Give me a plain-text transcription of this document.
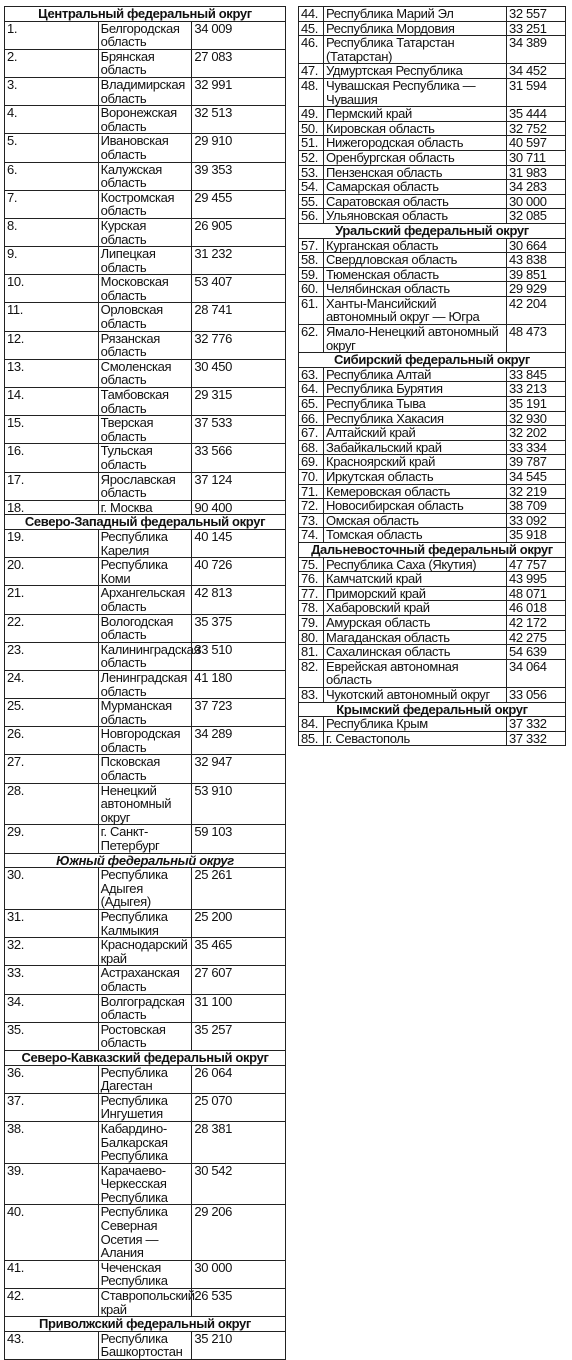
Центральный федеральный округ		
1.	Белгородская область	34 009
2.	Брянская область	27 083
3.	Владимирская область	32 991
4.	Воронежская область	32 513
5.	Ивановская область	29 910
6.	Калужская область	39 353
7.	Костромская область	29 455
8.	Курская область	26 905
9.	Липецкая область	31 232
10.	Московская область	53 407
11.	Орловская область	28 741
12.	Рязанская область	32 776
13.	Смоленская область	30 450
14.	Тамбовская область	29 315
15.	Тверская область	37 533
16.	Тульская область	33 566
17.	Ярославская область	37 124
18.	г. Москва	90 400
Северо-Западный федеральный округ		
19.	Республика Карелия	40 145
20.	Республика Коми	40 726
21.	Архангельская область	42 813
22.	Вологодская область	35 375
23.	Калининградская область	33 510
24.	Ленинградская область	41 180
25.	Мурманская область	37 723
26.	Новгородская область	34 289
27.	Псковская область	32 947
28.	Ненецкий автономный округ	53 910
29.	г. Санкт-Петербург	59 103
Южный федеральный округ		
30.	Республика Адыгея (Адыгея)	25 261
31.	Республика Калмыкия	25 200
32.	Краснодарский край	35 465
33.	Астраханская область	27 607
34.	Волгоградская область	31 100
35.	Ростовская область	35 257
Северо-Кавказский федеральный округ		
36.	Республика Дагестан	26 064
37.	Республика Ингушетия	25 070
38.	Кабардино-Балкарская Республика	28 381
39.	Карачаево-Черкесская Республика	30 542
40.	Республика Северная Осетия — Алания	29 206
41.	Чеченская Республика	30 000
42.	Ставропольский край	26 535
Приволжский федеральный округ		
43.	Республика Башкортостан	35 210
44.	Республика Марий Эл	32 557
45.	Республика Мордовия	33 251
46.	Республика Татарстан (Татарстан)	34 389
47.	Удмуртская Республика	34 452
48.	Чувашская Республика — Чувашия	31 594
49.	Пермский край	35 444
50.	Кировская область	32 752
51.	Нижегородская область	40 597
52.	Оренбургская область	30 711
53.	Пензенская область	31 983
54.	Самарская область	34 283
55.	Саратовская область	30 000
56.	Ульяновская область	32 085
Уральский федеральный округ		
57.	Курганская область	30 664
58.	Свердловская область	43 838
59.	Тюменская область	39 851
60.	Челябинская область	29 929
61.	Ханты-Мансийский автономный округ — Югра	42 204
62.	Ямало-Ненецкий автономный округ	48 473
Сибирский федеральный округ		
63.	Республика Алтай	33 845
64.	Республика Бурятия	33 213
65.	Республика Тыва	35 191
66.	Республика Хакасия	32 930
67.	Алтайский край	32 202
68.	Забайкальский край	33 334
69.	Красноярский край	39 787
70.	Иркутская область	34 545
71.	Кемеровская область	32 219
72.	Новосибирская область	38 709
73.	Омская область	33 092
74.	Томская область	35 918
Дальневосточный федеральный округ		
75.	Республика Саха (Якутия)	47 757
76.	Камчатский край	43 995
77.	Приморский край	48 071
78.	Хабаровский край	46 018
79.	Амурская область	42 172
80.	Магаданская область	42 275
81.	Сахалинская область	54 639
82.	Еврейская автономная область	34 064
83.	Чукотский автономный округ	33 056
Крымский федеральный округ		
84.	Республика Крым	37 332
85.	г. Севастополь	37 332
